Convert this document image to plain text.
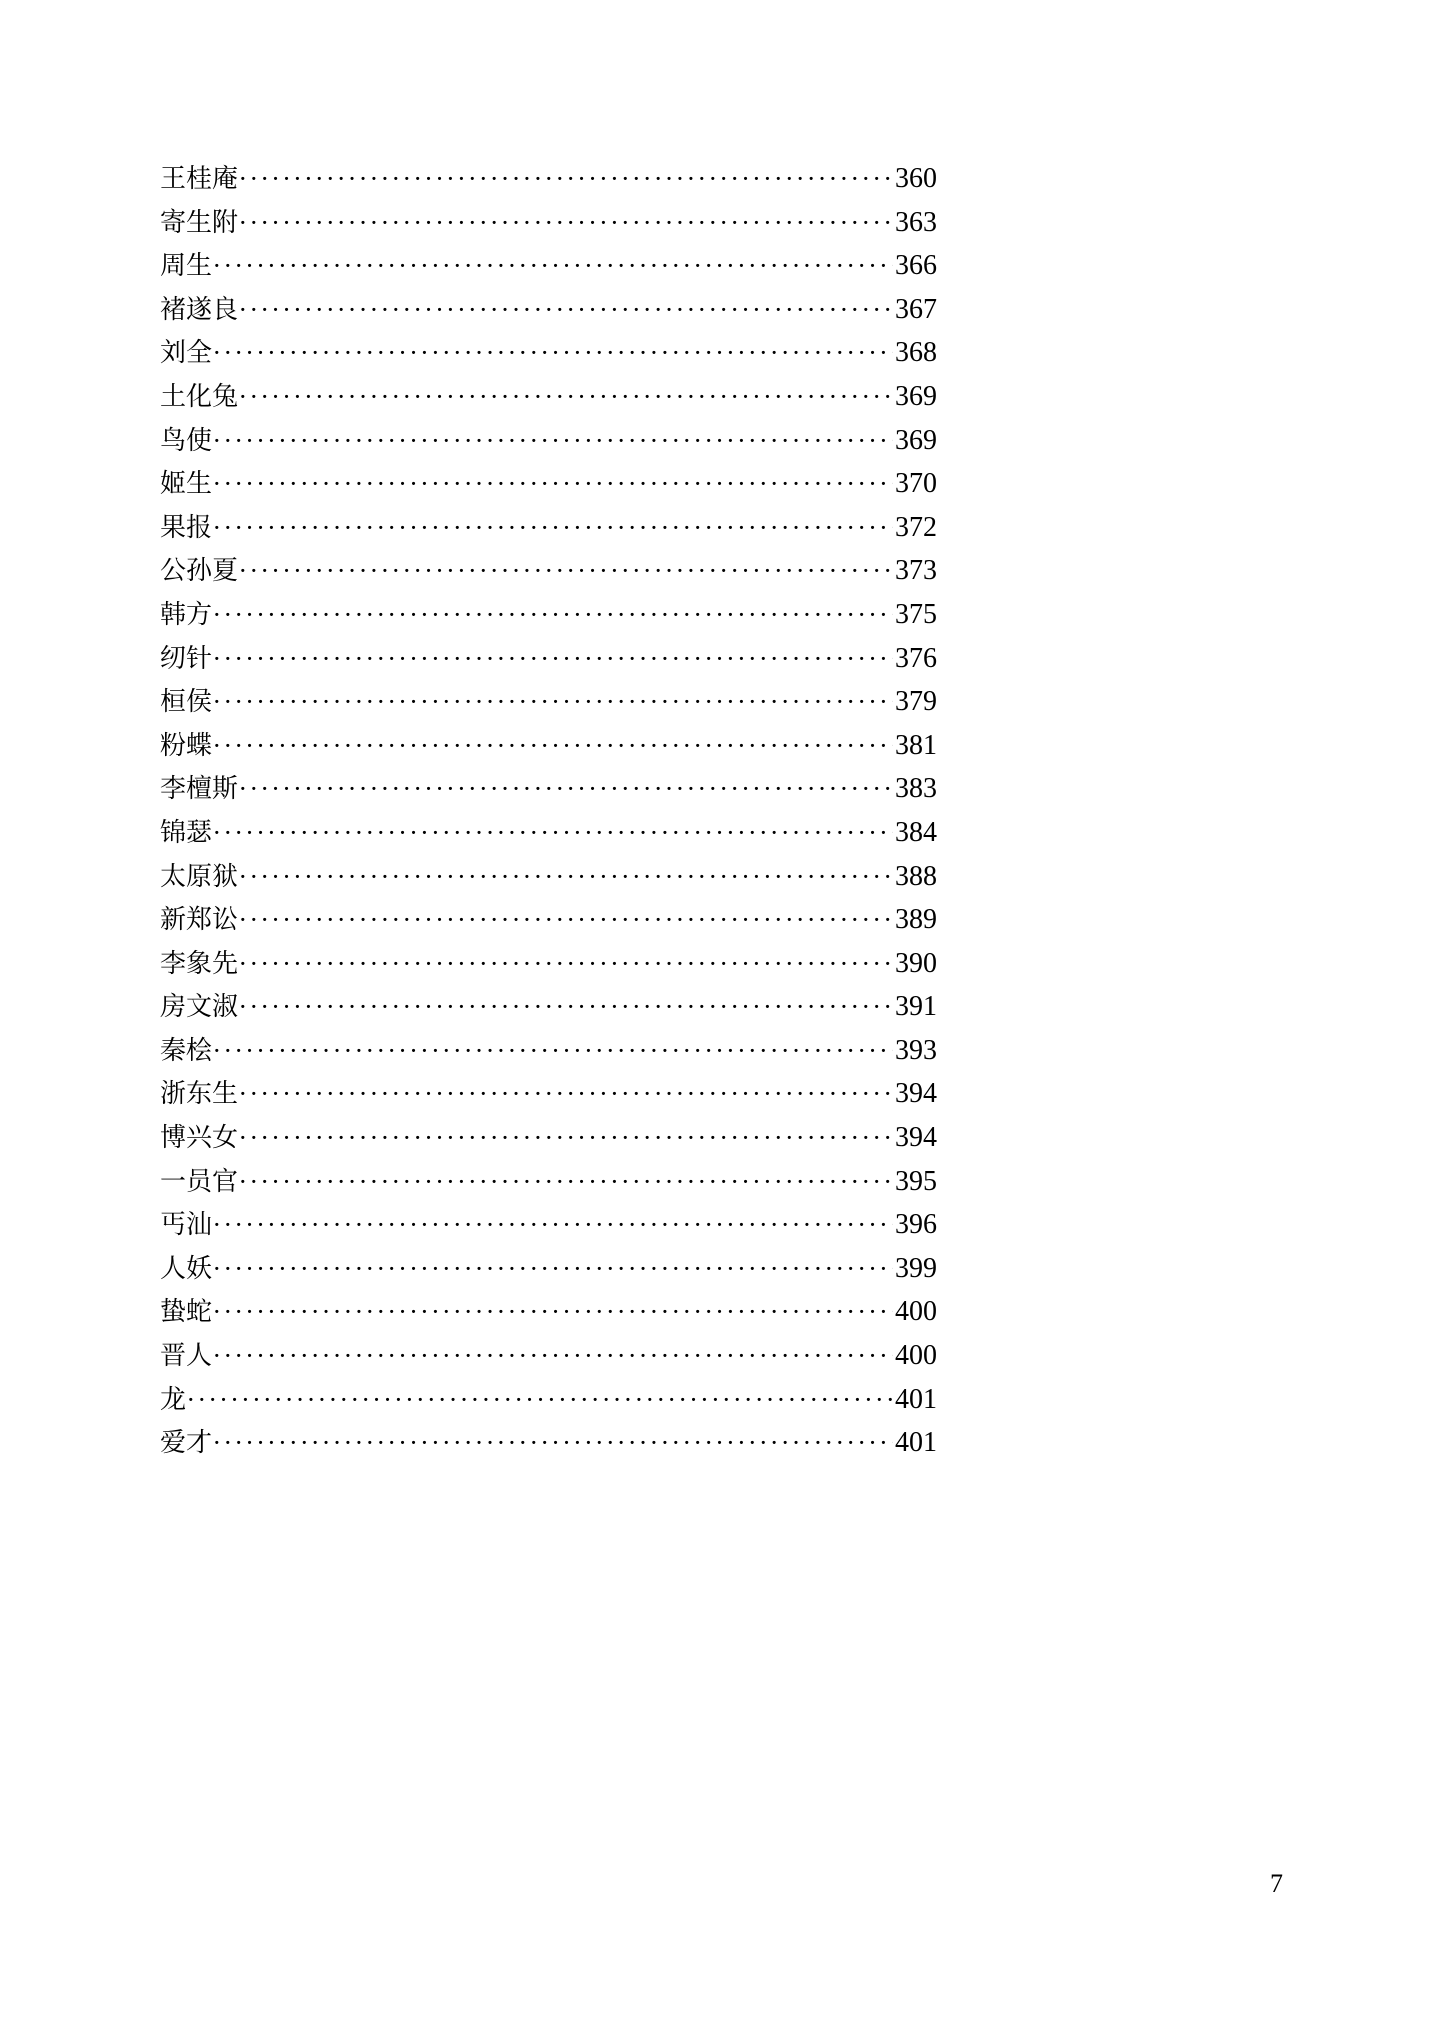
王桂庵 ·····	360
寄生附 ·····	363
周生 ·····	366
褚遂良 ·····	367
刘全 ·····	368
土化兔 ·····	369
鸟使 ·····	369
姬生 ·····	370
果报 ·····	372
公孙夏 ·····	373
韩方 ·····	375
纫针 ·····	376
桓侯 ·····	379
粉蝶 ·····	381
李檀斯 ·····	383
锦瑟 ·····	384
太原狱 ·····	388
新郑讼 ·····	389
李象先 ·····	390
房文淑 ·····	391
秦桧 ·····	393
浙东生 ·····	394
博兴女 ·····	394
一员官 ·····	395
丐汕 ·····	396
人妖 ·····	399
蛰蛇 ·····	400
晋人 ·····	400
龙 ·····	401
爱才 ·····	401
7
